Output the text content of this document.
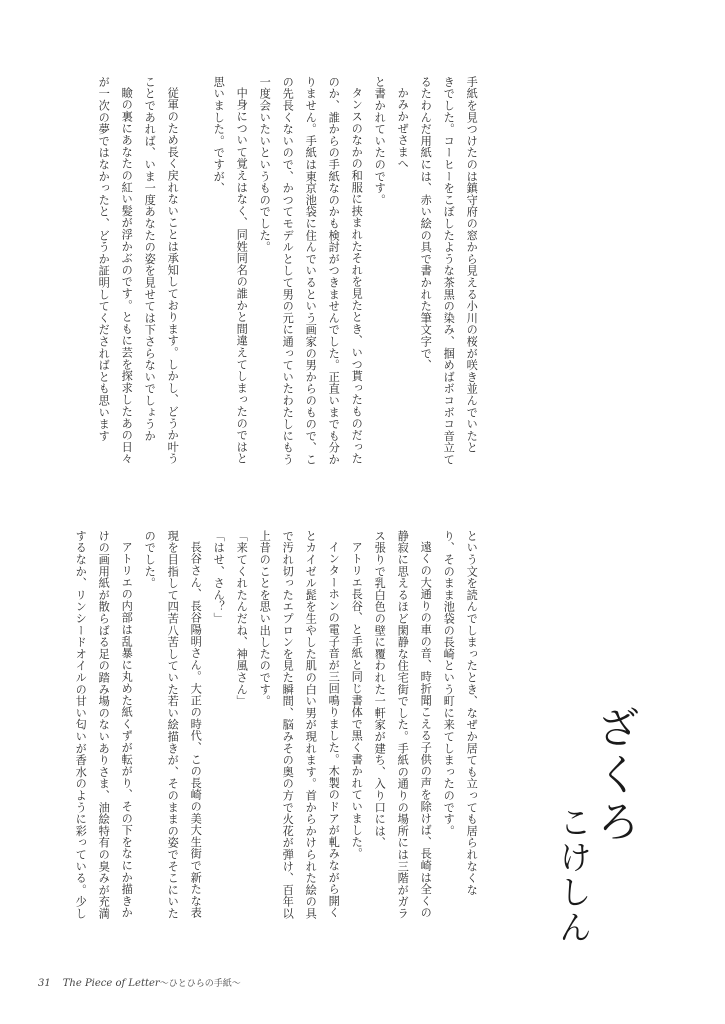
手紙を見つけたのは鎮守府の窓から見える小川の桜が咲き並んでいたと
きでした。コーヒーをこぼしたような茶黒の染み、掴めばボコボコ音立て
るたわんだ用紙には、赤い絵の具で書かれた筆文字で、
かみかぜさまへ
と書かれていたのです。
タンスのなかの和服に挟まれたそれを見たとき、いつ貰ったものだった
のか、誰からの手紙なのかも検討がつきませんでした。正直いまでも分か
りません。手紙は東京池袋に住んでいるという画家の男からのもので、こ
の先長くないので、かつてモデルとして男の元に通っていたわたしにもう
一度会いたいというものでした。
中身について覚えはなく、同姓同名の誰かと間違えてしまったのではと
思いました。ですが、
従軍のため長く戻れないことは承知しております。しかし、どうか叶う
ことであれば、いま一度あなたの姿を見せては下さらないでしょうか
瞼の裏にあなたの紅い髪が浮かぶのです。ともに芸を探求したあの日々
が一次の夢ではなかったと、どうか証明してくださればとも思います
という文を読んでしまったとき、なぜか居ても立っても居られなくな
り、そのまま池袋の長崎という町に来てしまったのです。
遠くの大通りの車の音、時折聞こえる子供の声を除けば、長崎は全くの
静寂に思えるほど閑静な住宅街でした。手紙の通りの場所には三階がガラ
ス張りで乳白色の壁に覆われた一軒家が建ち、入り口には、
アトリエ長谷、と手紙と同じ書体で黒く書かれていました。
インターホンの電子音が三回鳴りました。木製のドアが軋みながら開く
とカイゼル髭を生やした肌の白い男が現れます。首からかけられた絵の具
で汚れ切ったエプロンを見た瞬間、脳みその奥の方で火花が弾け、百年以
上昔のことを思い出したのです。
「来てくれたんだね、神風さん」
「はせ、さん？」
長谷さん、長谷陽明さん。大正の時代、この長崎の美大生街で新たな表
現を目指して四苦八苦していた若い絵描きが、そのままの姿でそこにいた
のでした。
アトリエの内部は乱暴に丸めた紙くずが転がり、その下をなにか描きか
けの画用紙が散らばる足の踏み場のないありさま、油絵特有の臭みが充満
するなか、リンシードオイルの甘い匂いが香水のように彩っている。少し	ざくろ
こけしん
31 The Piece of Letter～ひとひらの手紙～
